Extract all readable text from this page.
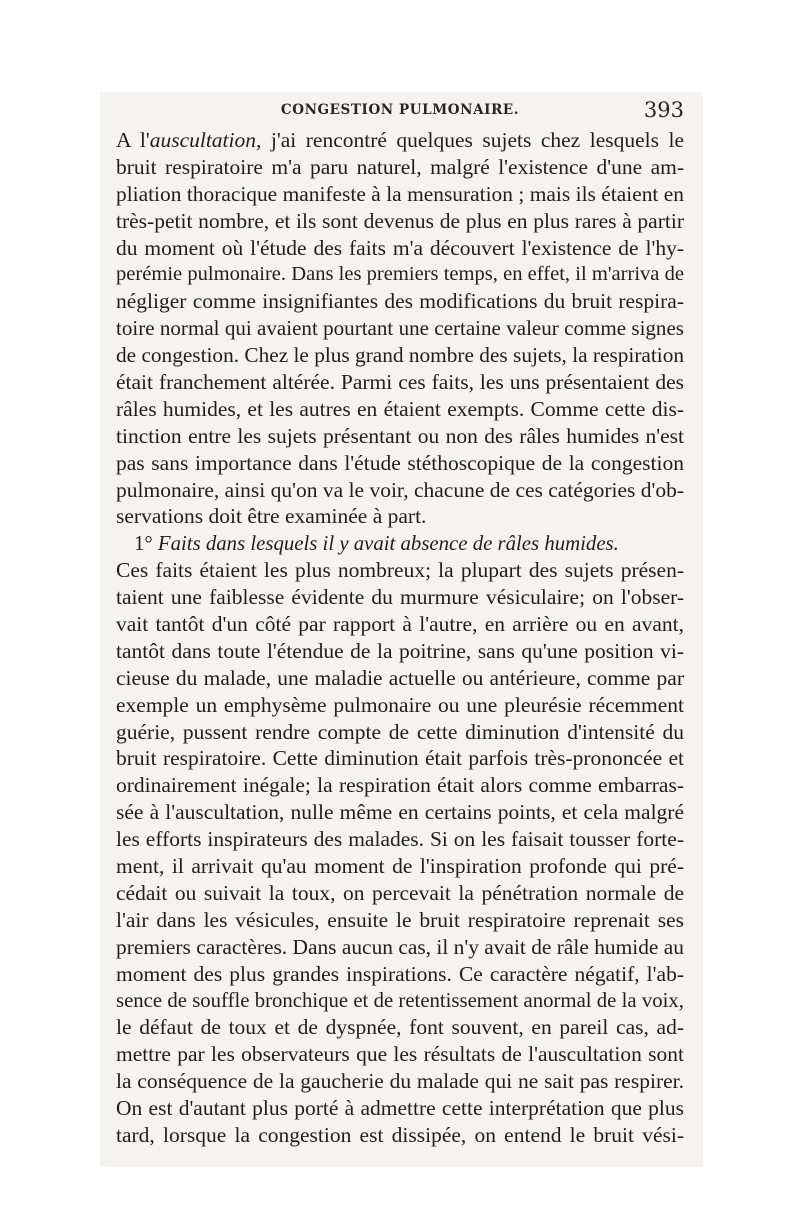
CONGESTION PULMONAIRE.	393
A l'auscultation, j'ai rencontré quelques sujets chez lesquels le
bruit respiratoire m'a paru naturel, malgré l'existence d'une am-
pliation thoracique manifeste à la mensuration ; mais ils étaient en
très-petit nombre, et ils sont devenus de plus en plus rares à partir
du moment où l'étude des faits m'a découvert l'existence de l'hy-
perémie pulmonaire. Dans les premiers temps, en effet, il m'arriva de
négliger comme insignifiantes des modifications du bruit respira-
toire normal qui avaient pourtant une certaine valeur comme signes
de congestion. Chez le plus grand nombre des sujets, la respiration
était franchement altérée. Parmi ces faits, les uns présentaient des
râles humides, et les autres en étaient exempts. Comme cette dis-
tinction entre les sujets présentant ou non des râles humides n'est
pas sans importance dans l'étude stéthoscopique de la congestion
pulmonaire, ainsi qu'on va le voir, chacune de ces catégories d'ob-
servations doit être examinée à part.
1° Faits dans lesquels il y avait absence de râles humides.
Ces faits étaient les plus nombreux; la plupart des sujets présen-
taient une faiblesse évidente du murmure vésiculaire; on l'obser-
vait tantôt d'un côté par rapport à l'autre, en arrière ou en avant,
tantôt dans toute l'étendue de la poitrine, sans qu'une position vi-
cieuse du malade, une maladie actuelle ou antérieure, comme par
exemple un emphysème pulmonaire ou une pleurésie récemment
guérie, pussent rendre compte de cette diminution d'intensité du
bruit respiratoire. Cette diminution était parfois très-prononcée et
ordinairement inégale; la respiration était alors comme embarras-
sée à l'auscultation, nulle même en certains points, et cela malgré
les efforts inspirateurs des malades. Si on les faisait tousser forte-
ment, il arrivait qu'au moment de l'inspiration profonde qui pré-
cédait ou suivait la toux, on percevait la pénétration normale de
l'air dans les vésicules, ensuite le bruit respiratoire reprenait ses
premiers caractères. Dans aucun cas, il n'y avait de râle humide au
moment des plus grandes inspirations. Ce caractère négatif, l'ab-
sence de souffle bronchique et de retentissement anormal de la voix,
le défaut de toux et de dyspnée, font souvent, en pareil cas, ad-
mettre par les observateurs que les résultats de l'auscultation sont
la conséquence de la gaucherie du malade qui ne sait pas respirer.
On est d'autant plus porté à admettre cette interprétation que plus
tard, lorsque la congestion est dissipée, on entend le bruit vési-
